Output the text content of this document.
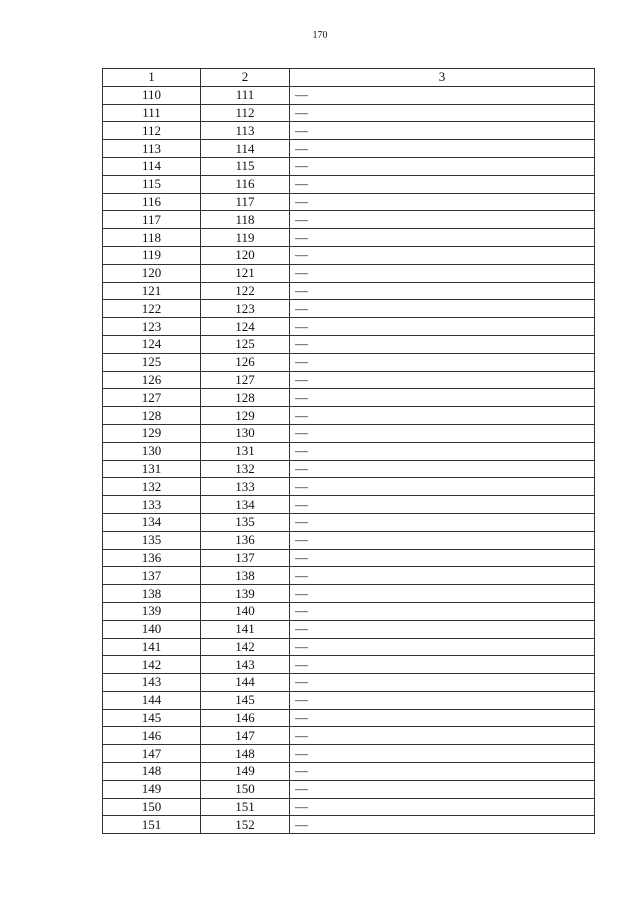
170
1	2	3
110	111	—
111	112	—
112	113	—
113	114	—
114	115	—
115	116	—
116	117	—
117	118	—
118	119	—
119	120	—
120	121	—
121	122	—
122	123	—
123	124	—
124	125	—
125	126	—
126	127	—
127	128	—
128	129	—
129	130	—
130	131	—
131	132	—
132	133	—
133	134	—
134	135	—
135	136	—
136	137	—
137	138	—
138	139	—
139	140	—
140	141	—
141	142	—
142	143	—
143	144	—
144	145	—
145	146	—
146	147	—
147	148	—
148	149	—
149	150	—
150	151	—
151	152	—
